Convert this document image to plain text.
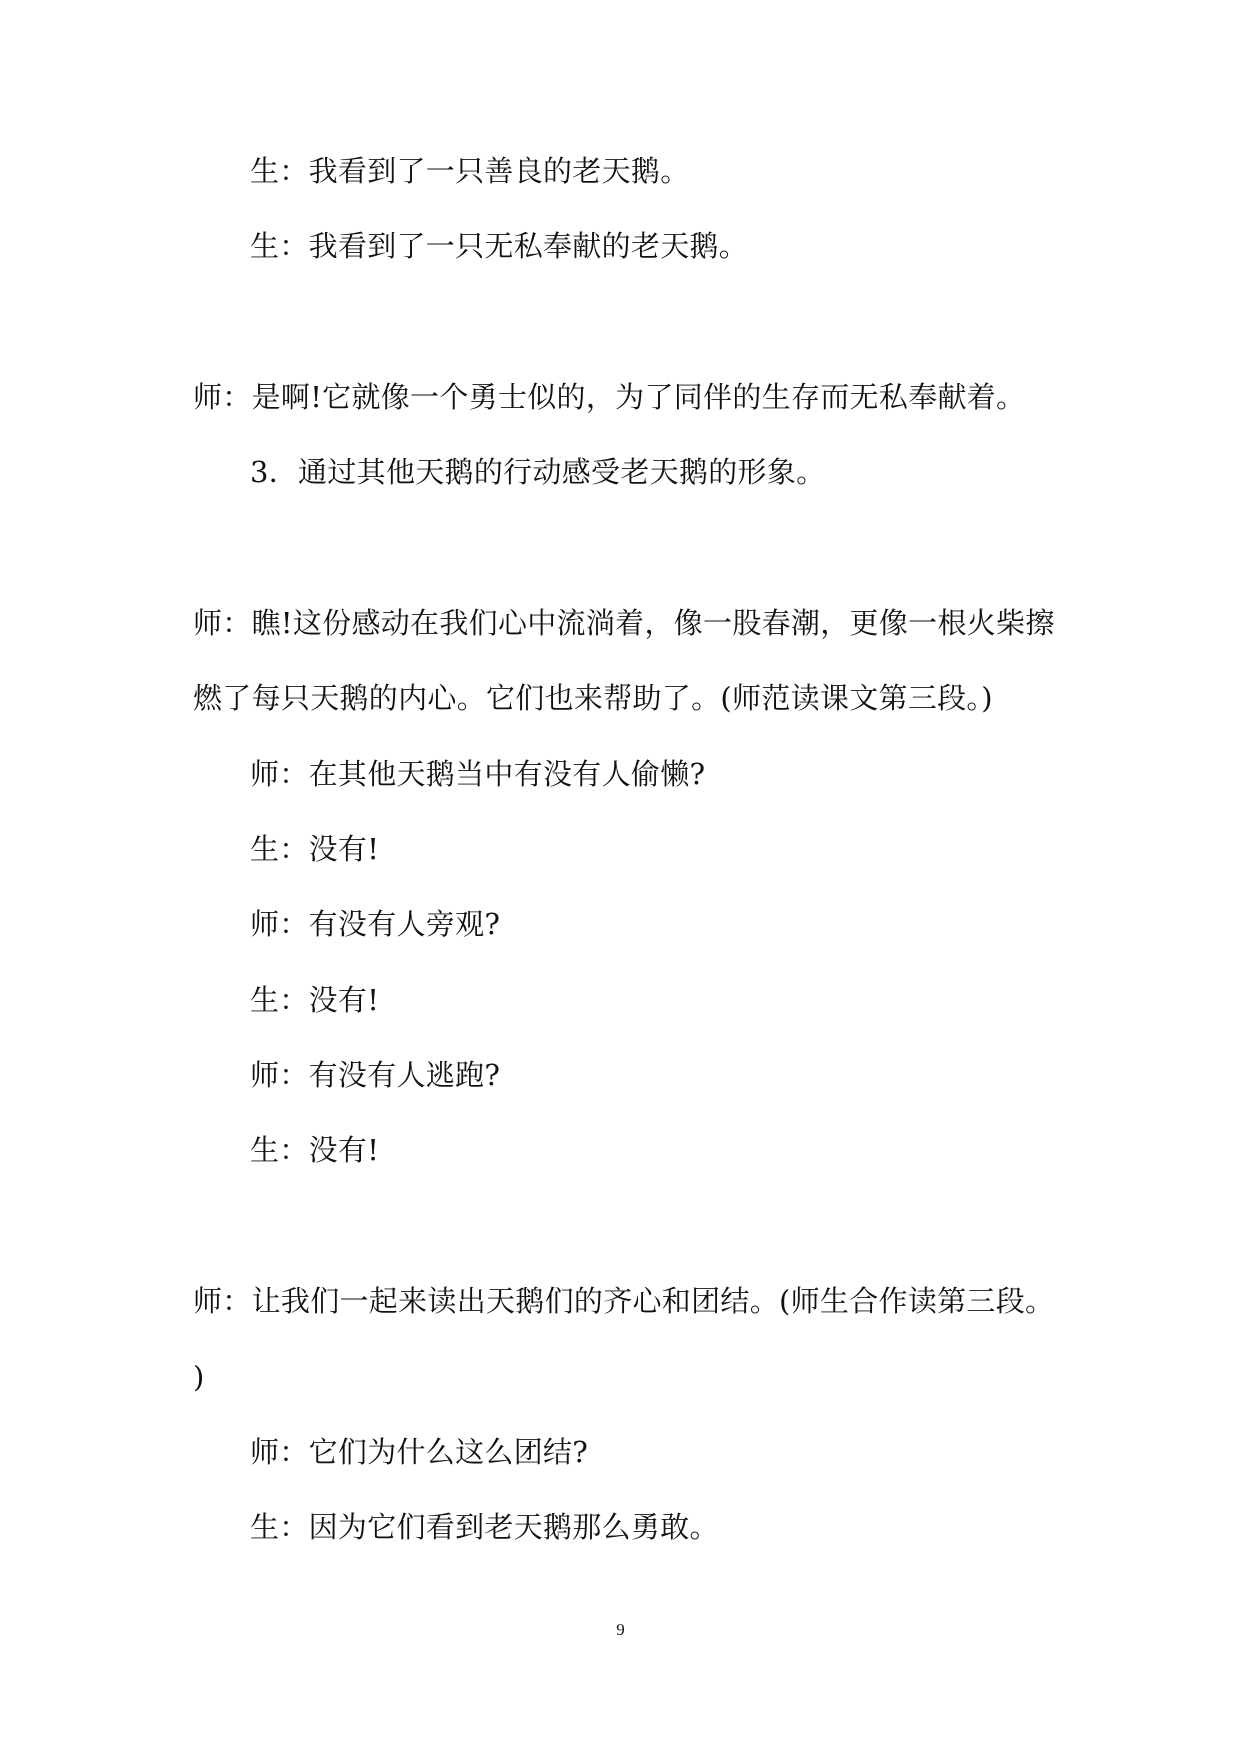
生：我看到了一只善良的老天鹅。
生：我看到了一只无私奉献的老天鹅。
师：是啊!它就像一个勇士似的，为了同伴的生存而无私奉献着。
3．通过其他天鹅的行动感受老天鹅的形象。
师：瞧!这份感动在我们心中流淌着，像一股春潮，更像一根火柴擦
燃了每只天鹅的内心。它们也来帮助了。(师范读课文第三段。)
师：在其他天鹅当中有没有人偷懒?
生：没有!
师：有没有人旁观?
生：没有!
师：有没有人逃跑?
生：没有!
师：让我们一起来读出天鹅们的齐心和团结。(师生合作读第三段。
)
师：它们为什么这么团结?
生：因为它们看到老天鹅那么勇敢。
9
